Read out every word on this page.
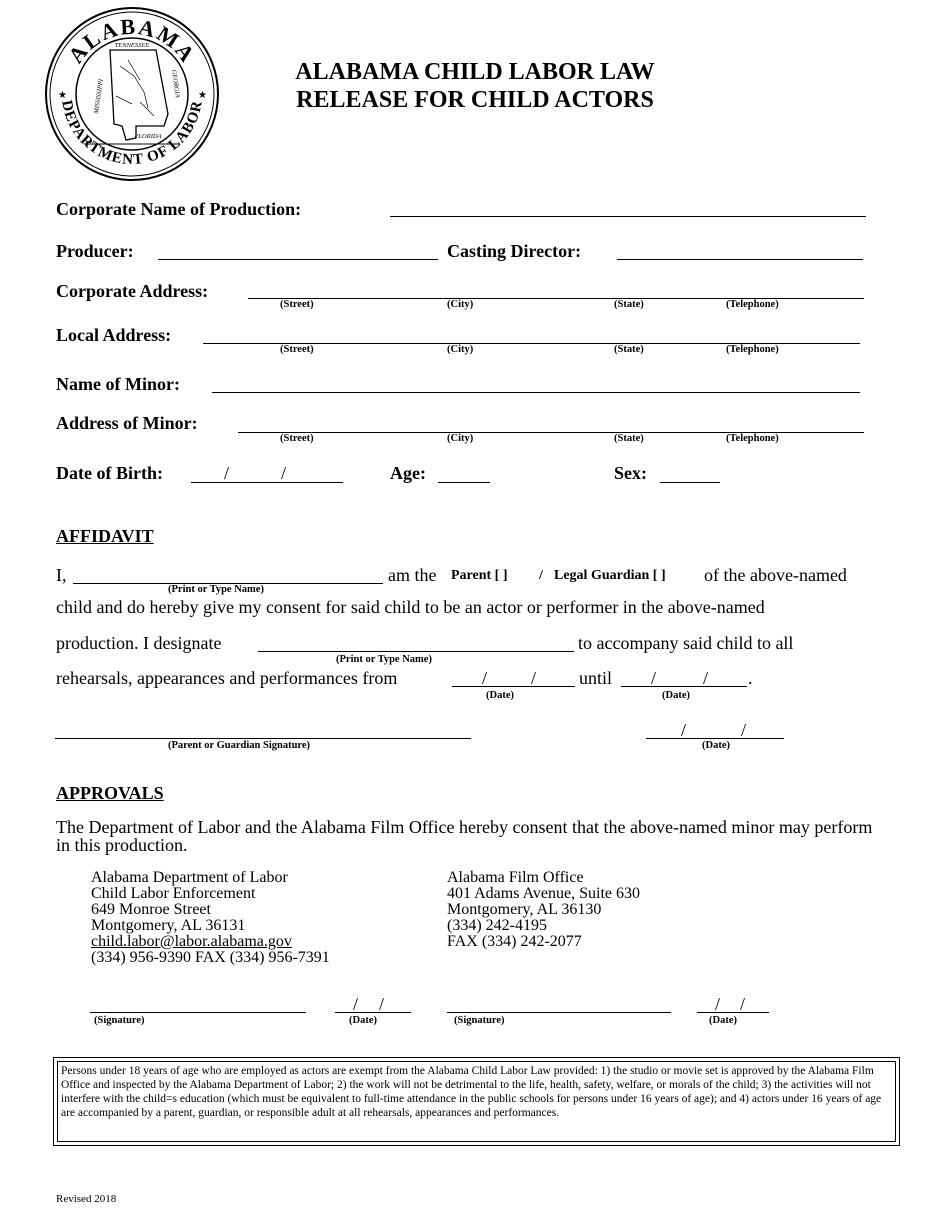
ALABAMA
DEPARTMENT OF LABOR
★	★
TENNESSEE
MISSISSIPPI	GEORGIA
FLORIDA
ALABAMA CHILD LABOR LAW
RELEASE FOR CHILD ACTORS
Corporate Name of Production:
Producer:	Casting Director:
Corporate Address:
(Street)	(City)	(State)	(Telephone)
Local Address:
(Street)	(City)	(State)	(Telephone)
Name of Minor:
Address of Minor:
(Street)	(City)	(State)	(Telephone)
Date of Birth:	/	/	Age:	Sex:
AFFIDAVIT
I,
(Print or Type Name)
am the Parent [ ] / Legal Guardian [ ] of the above-named
child and do hereby give my consent for said child to be an actor or performer in the above-named
production. I designate
(Print or Type Name)
to accompany said child to all
rehearsals, appearances and performances from	/ /
(Date)
until /	/ .
(Date)
(Parent or Guardian Signature)
/	/
(Date)
APPROVALS
The Department of Labor and the Alabama Film Office hereby consent that the above-named minor may perform in this production.
Alabama Department of Labor
Child Labor Enforcement
649 Monroe Street
Montgomery, AL 36131
child.labor@labor.alabama.gov
(334) 956-9390 FAX (334) 956-7391
Alabama Film Office
401 Adams Avenue, Suite 630
Montgomery, AL 36130
(334) 242-4195
FAX (334) 242-2077
(Signature)
/ /
(Date)	(Signature)
/ /
(Date)
Persons under 18 years of age who are employed as actors are exempt from the Alabama Child Labor Law provided: 1) the studio or movie set is approved by the Alabama Film Office and inspected by the Alabama Department of Labor; 2) the work will not be detrimental to the life, health, safety, welfare, or morals of the child; 3) the activities will not interfere with the child=s education (which must be equivalent to full-time attendance in the public schools for persons under 16 years of age); and 4) actors under 16 years of age are accompanied by a parent, guardian, or responsible adult at all rehearsals, appearances and performances.
Revised 2018
